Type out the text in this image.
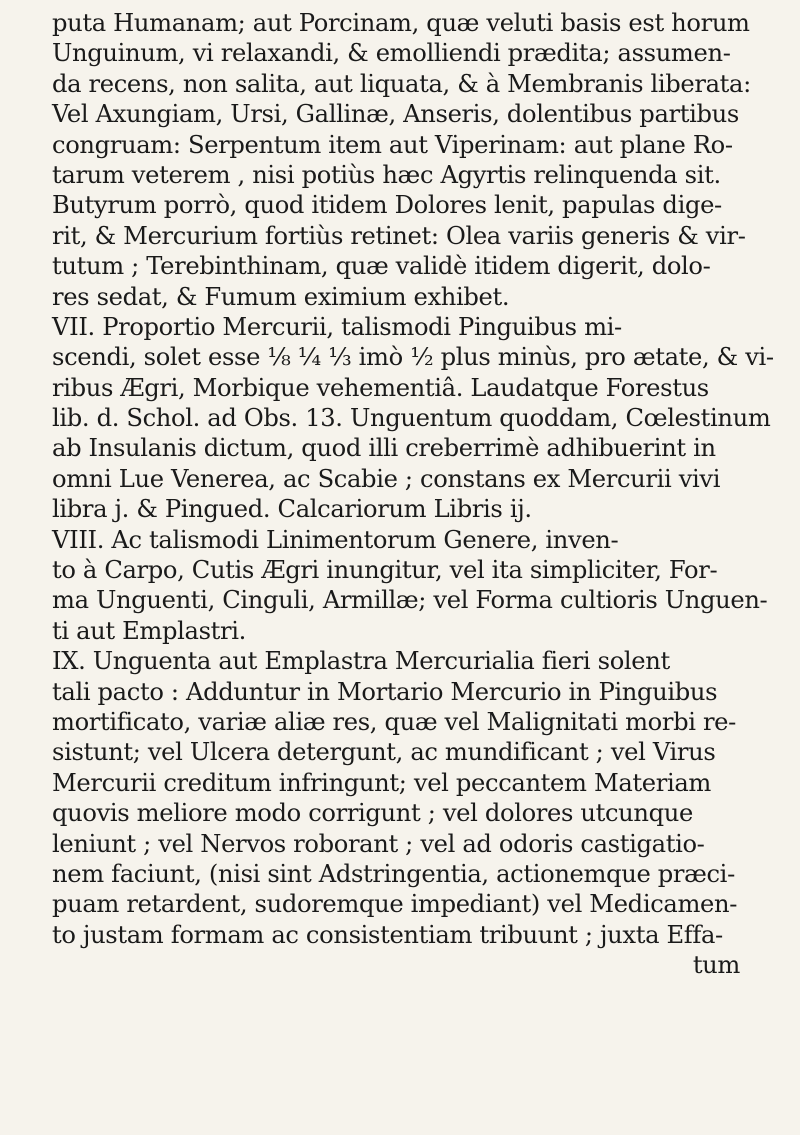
puta Humanam; aut Porcinam, quæ veluti basis est horum
Unguinum, vi relaxandi, & emolliendi prædita; assumen-
da recens, non salita, aut liquata, & à Membranis liberata:
Vel Axungiam, Ursi, Gallinæ, Anseris, dolentibus partibus
congruam: Serpentum item aut Viperinam: aut plane Ro-
tarum veterem , nisi potiùs hæc Agyrtis relinquenda sit.
Butyrum porrò, quod itidem Dolores lenit, papulas dige-
rit, & Mercurium fortiùs retinet: Olea variis generis & vir-
tutum ; Terebinthinam, quæ validè itidem digerit, dolo-
res sedat, & Fumum eximium exhibet.
VII. Proportio Mercurii, talismodi Pinguibus mi-
scendi, solet esse ⅛ ¼ ⅓ imò ½ plus minùs, pro ætate, & vi-
ribus Ægri, Morbique vehementiâ. Laudatque Forestus
lib. d. Schol. ad Obs. 13. Unguentum quoddam, Cœlestinum
ab Insulanis dictum, quod illi creberrimè adhibuerint in
omni Lue Venerea, ac Scabie ; constans ex Mercurii vivi
libra j. & Pingued. Calcariorum Libris ij.
VIII. Ac talismodi Linimentorum Genere, inven-
to à Carpo, Cutis Ægri inungitur, vel ita simpliciter, For-
ma Unguenti, Cinguli, Armillæ; vel Forma cultioris Unguen-
ti aut Emplastri.
IX. Unguenta aut Emplastra Mercurialia fieri solent
tali pacto : Adduntur in Mortario Mercurio in Pinguibus
mortificato, variæ aliæ res, quæ vel Malignitati morbi re-
sistunt; vel Ulcera detergunt, ac mundificant ; vel Virus
Mercurii creditum infringunt; vel peccantem Materiam
quovis meliore modo corrigunt ; vel dolores utcunque
leniunt ; vel Nervos roborant ; vel ad odoris castigatio-
nem faciunt, (nisi sint Adstringentia, actionemque præci-
puam retardent, sudoremque impediant) vel Medicamen-
to justam formam ac consistentiam tribuunt ; juxta Effa-
tum
